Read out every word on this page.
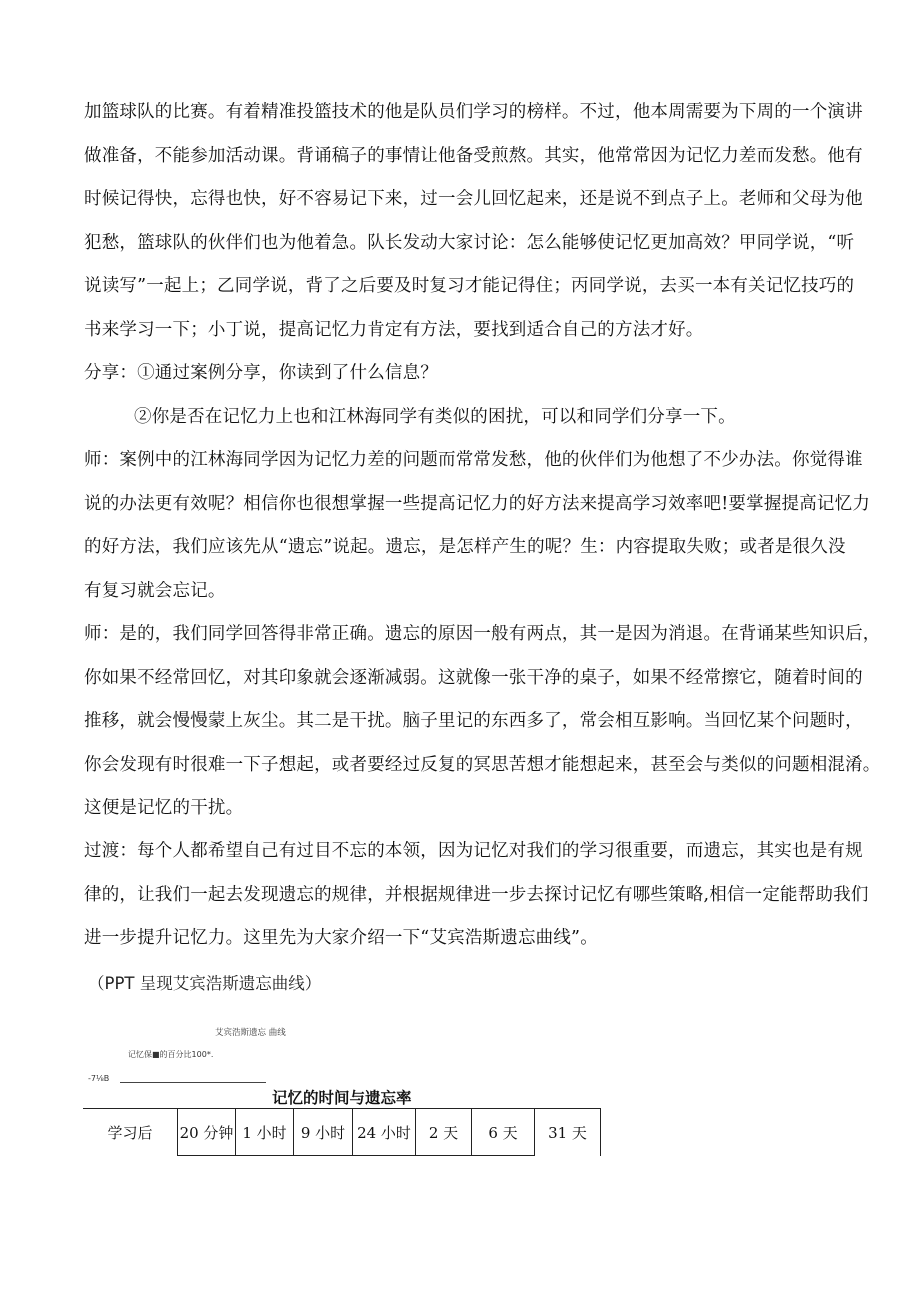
加篮球队的比赛。有着精准投篮技术的他是队员们学习的榜样。不过，他本周需要为下周的一个演讲
做准备，不能参加活动课。背诵稿子的事情让他备受煎熬。其实，他常常因为记忆力差而发愁。他有
时候记得快，忘得也快，好不容易记下来，过一会儿回忆起来，还是说不到点子上。老师和父母为他
犯愁，篮球队的伙伴们也为他着急。队长发动大家讨论：怎么能够使记忆更加高效？甲同学说，“听
说读写”一起上；乙同学说，背了之后要及时复习才能记得住；丙同学说，去买一本有关记忆技巧的
书来学习一下；小丁说，提高记忆力肯定有方法，要找到适合自己的方法才好。
分享：①通过案例分享，你读到了什么信息？
②你是否在记忆力上也和江林海同学有类似的困扰，可以和同学们分享一下。
师：案例中的江林海同学因为记忆力差的问题而常常发愁，他的伙伴们为他想了不少办法。你觉得谁
说的办法更有效呢？相信你也很想掌握一些提高记忆力的好方法来提高学习效率吧!要掌握提高记忆力
的好方法，我们应该先从“遗忘”说起。遗忘，是怎样产生的呢？生：内容提取失败；或者是很久没
有复习就会忘记。
师：是的，我们同学回答得非常正确。遗忘的原因一般有两点，其一是因为消退。在背诵某些知识后，
你如果不经常回忆，对其印象就会逐渐减弱。这就像一张干净的桌子，如果不经常擦它，随着时间的
推移，就会慢慢蒙上灰尘。其二是干扰。脑子里记的东西多了，常会相互影响。当回忆某个问题时，
你会发现有时很难一下子想起，或者要经过反复的冥思苦想才能想起来，甚至会与类似的问题相混淆。
这便是记忆的干扰。
过渡：每个人都希望自己有过目不忘的本领，因为记忆对我们的学习很重要，而遗忘，其实也是有规
律的，让我们一起去发现遗忘的规律，并根据规律进一步去探讨记忆有哪些策略,相信一定能帮助我们
进一步提升记忆力。这里先为大家介绍一下“艾宾浩斯遗忘曲线”。

（PPT 呈现艾宾浩斯遗忘曲线）

艾宾浩斯遗忘 曲线
记忆保■的百分比100*.
-7⅛B
记忆的时间与遗忘率
学习后	20 分钟	1 小时	9 小时	24 小时	2 天	6 天	31 天
